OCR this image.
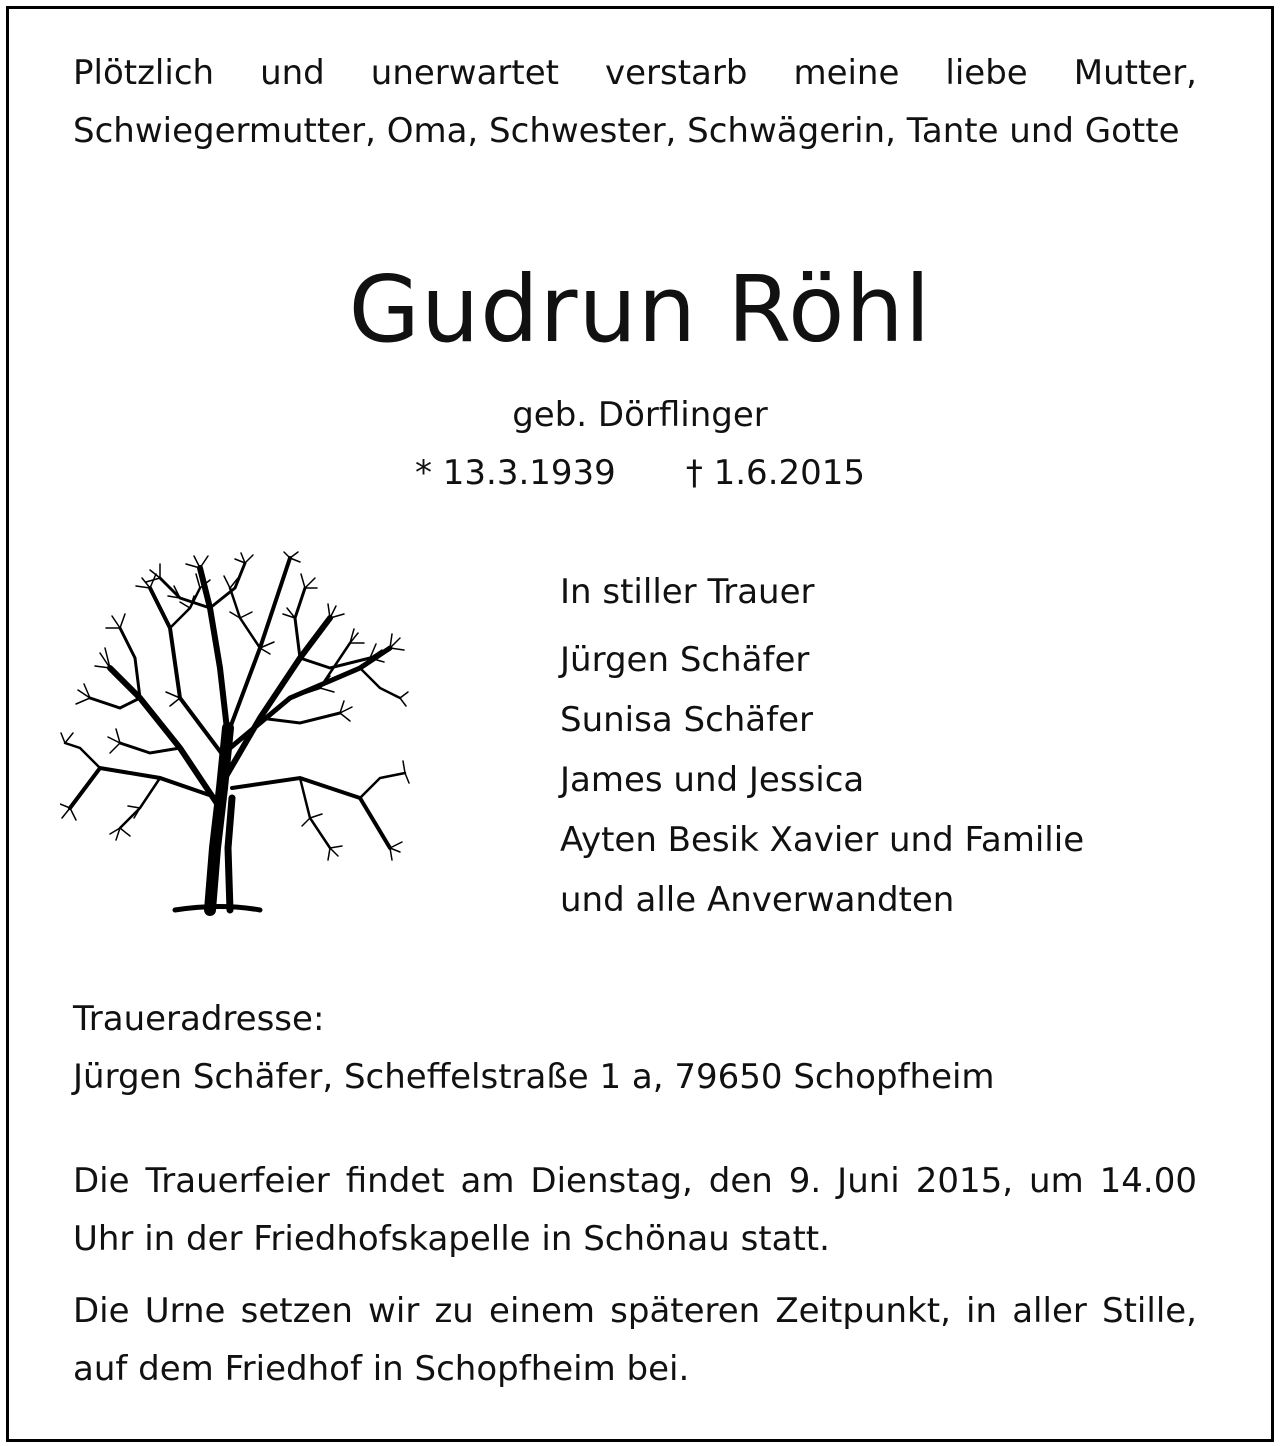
Plötzlich und unerwartet verstarb meine liebe Mutter, Schwiegermutter, Oma, Schwester, Schwägerin, Tante und Gotte

Gudrun Röhl
geb. Dörflinger
* 13.3.1939 † 1.6.2015
In stiller Trauer
Jürgen Schäfer
Sunisa Schäfer
James und Jessica
Ayten Besik Xavier und Familie
und alle Anverwandten
Traueradresse:
Jürgen Schäfer, Scheffelstraße 1 a, 79650 Schopfheim

Die Trauerfeier findet am Dienstag, den 9. Juni 2015, um 14.00 Uhr in der Friedhofskapelle in Schönau statt.

Die Urne setzen wir zu einem späteren Zeitpunkt, in aller Stille, auf dem Friedhof in Schopfheim bei.
